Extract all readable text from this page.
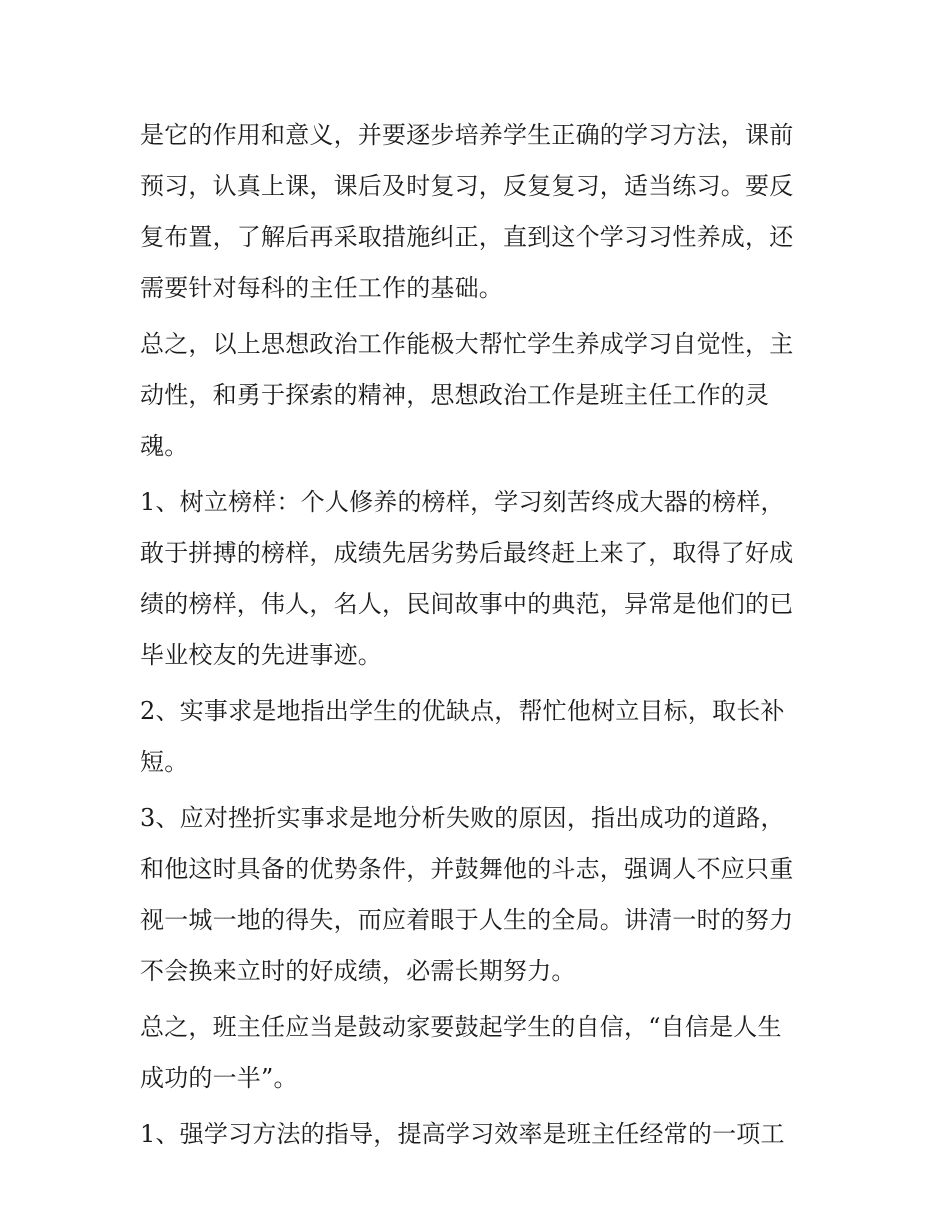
是它的作用和意义，并要逐步培养学生正确的学习方法，课前
预习，认真上课，课后及时复习，反复复习，适当练习。要反
复布置，了解后再采取措施纠正，直到这个学习习性养成，还
需要针对每科的主任工作的基础。

总之，以上思想政治工作能极大帮忙学生养成学习自觉性，主
动性，和勇于探索的精神，思想政治工作是班主任工作的灵
魂。

1、树立榜样：个人修养的榜样，学习刻苦终成大器的榜样，
敢于拼搏的榜样，成绩先居劣势后最终赶上来了，取得了好成
绩的榜样，伟人，名人，民间故事中的典范，异常是他们的已
毕业校友的先进事迹。

2、实事求是地指出学生的优缺点，帮忙他树立目标，取长补
短。

3、应对挫折实事求是地分析失败的原因，指出成功的道路，
和他这时具备的优势条件，并鼓舞他的斗志，强调人不应只重
视一城一地的得失，而应着眼于人生的全局。讲清一时的努力
不会换来立时的好成绩，必需长期努力。

总之，班主任应当是鼓动家要鼓起学生的自信，“自信是人生
成功的一半”。

1、强学习方法的指导，提高学习效率是班主任经常的一项工
